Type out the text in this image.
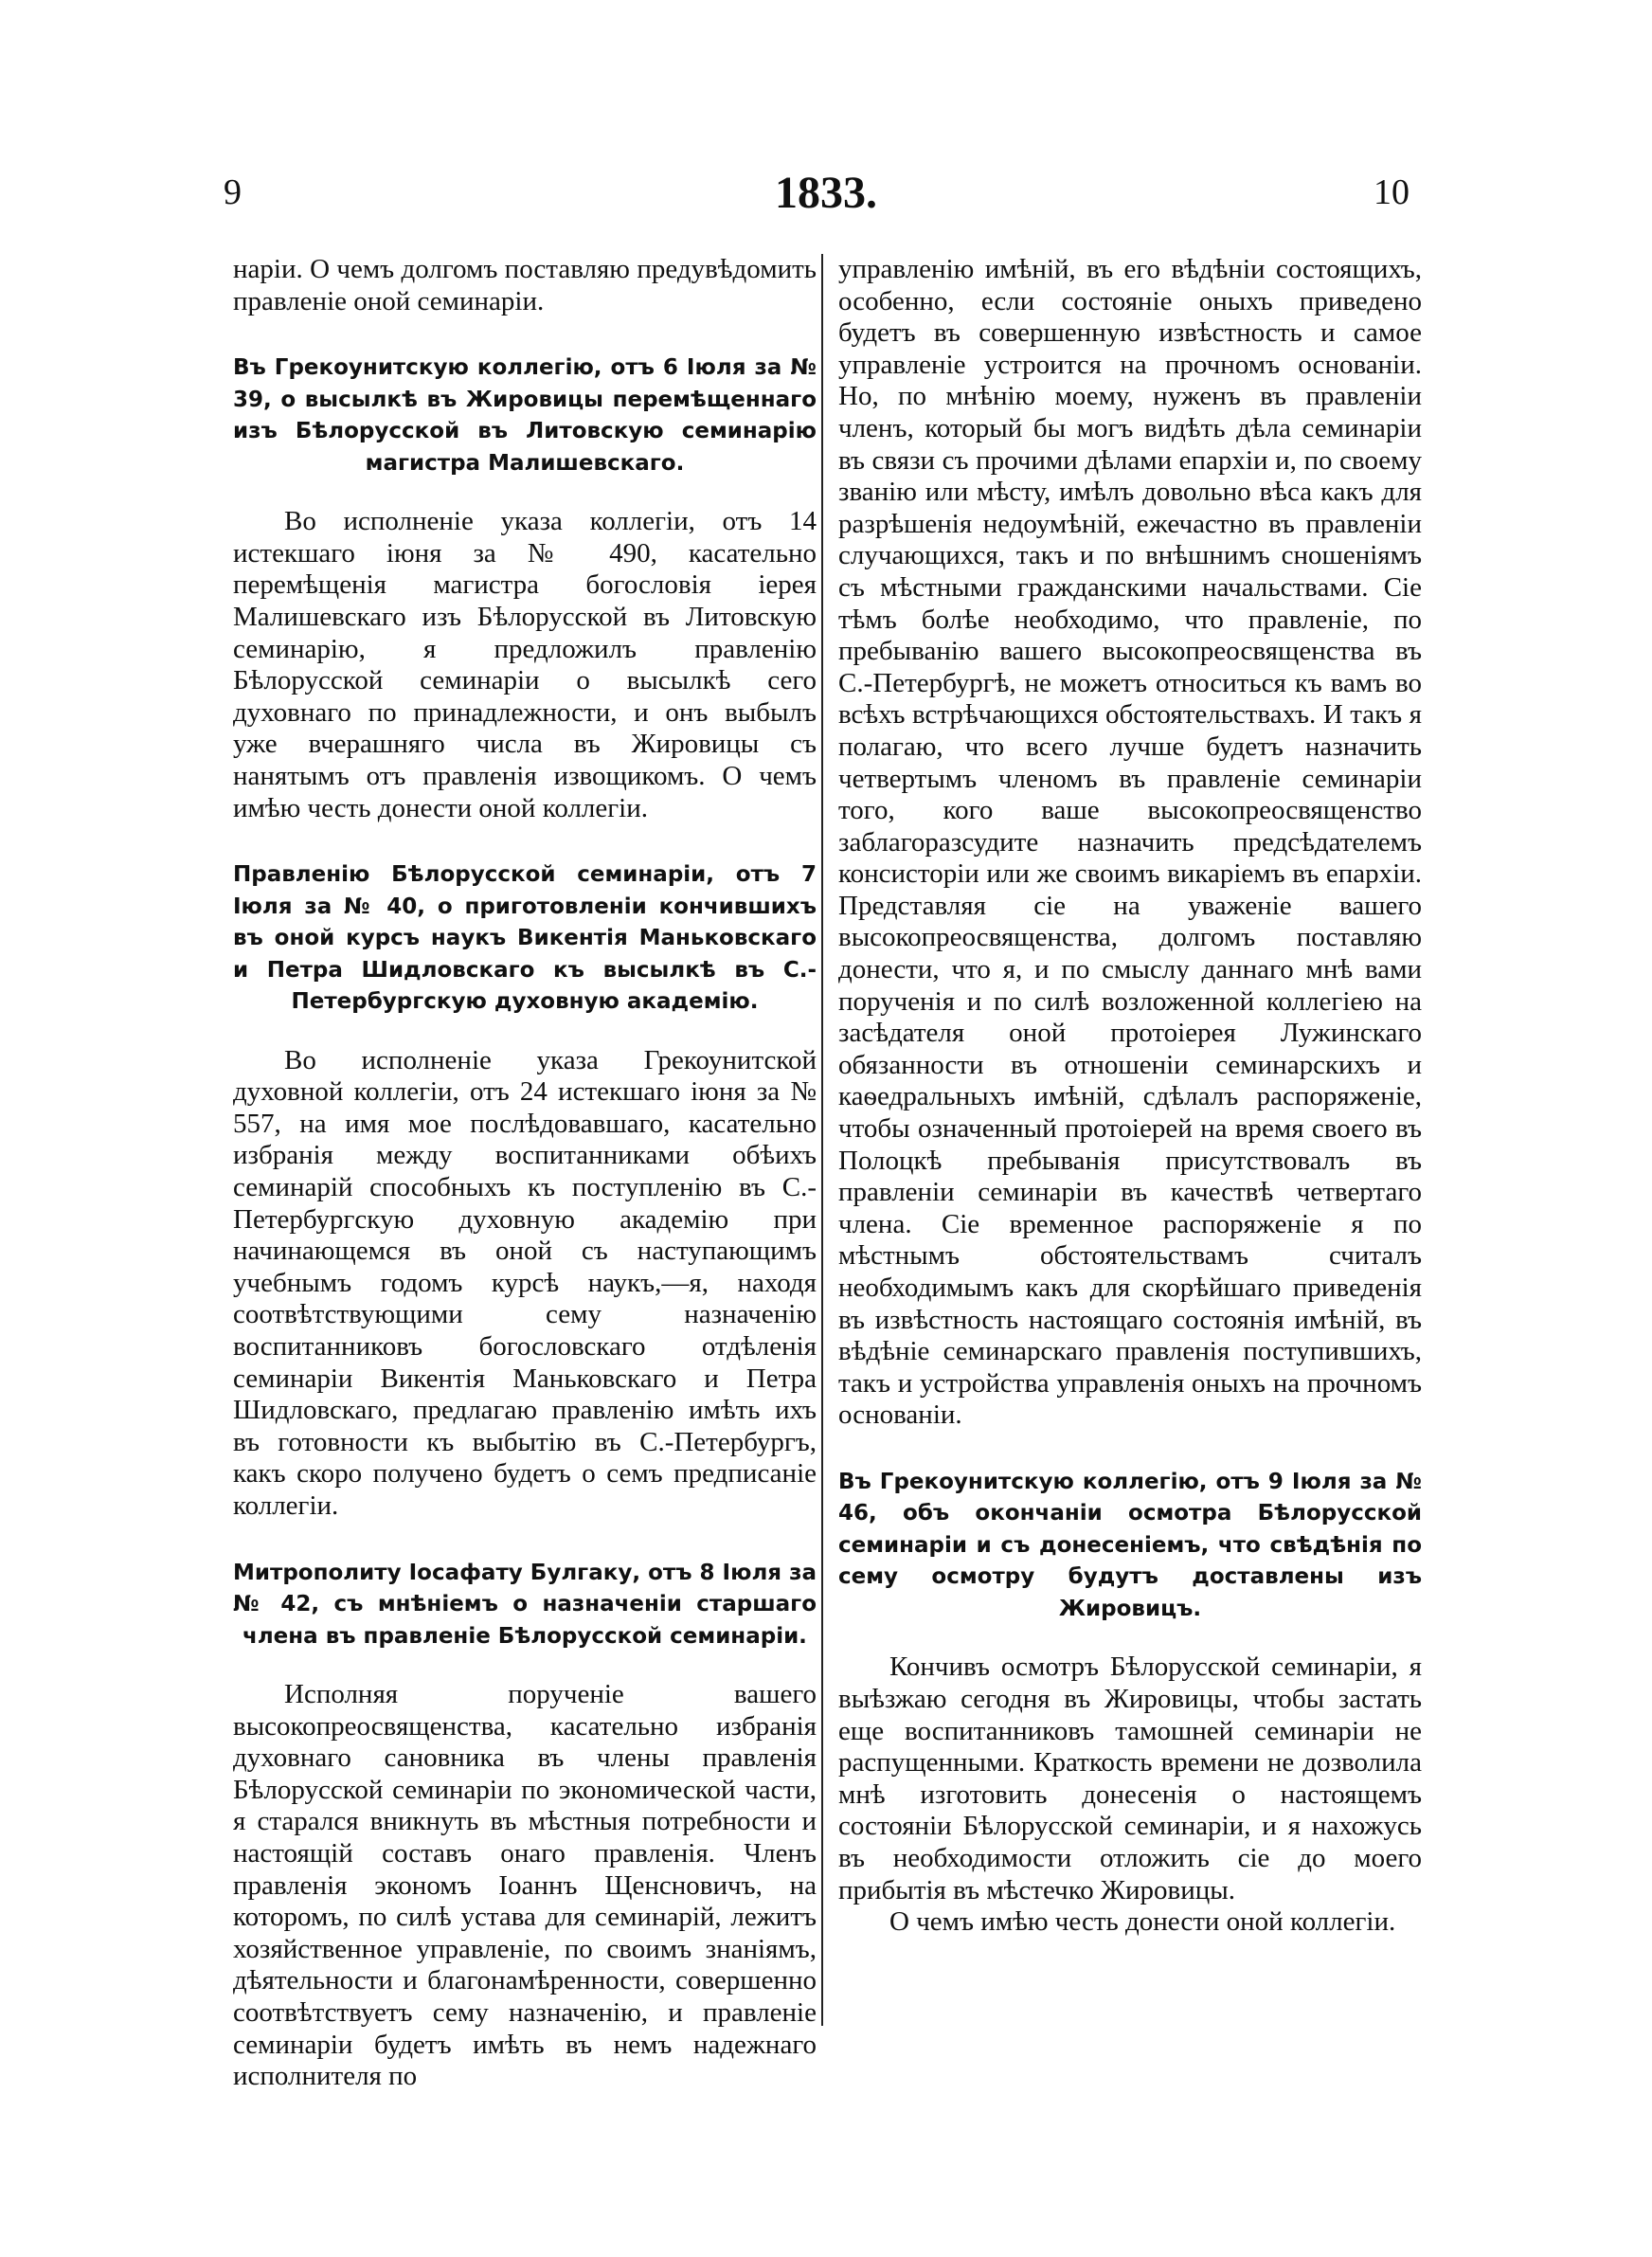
9	1833.	10

наріи. О чемъ долгомъ поставляю предувѣдомить правленіе оной семинаріи.

Въ Грекоунитскую коллегію, отъ 6 Іюля за № 39, о высылкѣ въ Жировицы перемѣщеннаго изъ Бѣлорусской въ Литовскую семинарію магистра Малишевскаго.

Во исполненіе указа коллегіи, отъ 14 истекшаго іюня за № 490, касательно перемѣщенія магистра богословія іерея Малишевскаго изъ Бѣлорусской въ Литовскую семинарію, я предложилъ правленію Бѣлорусской семинаріи о высылкѣ сего духовнаго по принадлежности, и онъ выбылъ уже вчерашняго числа въ Жировицы съ нанятымъ отъ правленія извощикомъ. О чемъ имѣю честь донести оной коллегіи.

Правленію Бѣлорусской семинаріи, отъ 7 Іюля за № 40, о приготовленіи кончившихъ въ оной курсъ наукъ Викентія Маньковскаго и Петра Шидловскаго къ высылкѣ въ С.-Петербургскую духовную академію.

Во исполненіе указа Грекоунитской духовной коллегіи, отъ 24 истекшаго іюня за № 557, на имя мое послѣдовавшаго, касательно избранія между воспитанниками обѣихъ семинарій способныхъ къ поступленію въ С.-Петербургскую духовную академію при начинающемся въ оной съ наступающимъ учебнымъ годомъ курсѣ наукъ,—я, находя соотвѣтствующими сему назначенію воспитанниковъ богословскаго отдѣленія семинаріи Викентія Маньковскаго и Петра Шидловскаго, предлагаю правленію имѣть ихъ въ готовности къ выбытію въ С.-Петербургъ, какъ скоро получено будетъ о семъ предписаніе коллегіи.

Митрополиту Іосафату Булгаку, отъ 8 Іюля за № 42, съ мнѣніемъ о назначеніи старшаго члена въ правленіе Бѣлорусской семинаріи.

Исполняя порученіе вашего высокопреосвященства, касательно избранія духовнаго сановника въ члены правленія Бѣлорусской семинаріи по экономической части, я старался вникнуть въ мѣстныя потребности и настоящій составъ онаго правленія. Членъ правленія экономъ Іоаннъ Щенсновичъ, на которомъ, по силѣ устава для семинарій, лежитъ хозяйственное управленіе, по своимъ знаніямъ, дѣятельности и благонамѣренности, совершенно соотвѣтствуетъ сему назначенію, и правленіе семинаріи будетъ имѣть въ немъ надежнаго исполнителя по

управленію имѣній, въ его вѣдѣніи состоящихъ, особенно, если состояніе оныхъ приведено будетъ въ совершенную извѣстность и самое управленіе устроится на прочномъ основаніи. Но, по мнѣнію моему, нуженъ въ правленіи членъ, который бы могъ видѣть дѣла семинаріи въ связи съ прочими дѣлами епархіи и, по своему званію или мѣсту, имѣлъ довольно вѣса какъ для разрѣшенія недоумѣній, ежечастно въ правленіи случающихся, такъ и по внѣшнимъ сношеніямъ съ мѣстными гражданскими начальствами. Сіе тѣмъ болѣе необходимо, что правленіе, по пребыванію вашего высокопреосвященства въ С.-Петербургѣ, не можетъ относиться къ вамъ во всѣхъ встрѣчающихся обстоятельствахъ. И такъ я полагаю, что всего лучше будетъ назначить четвертымъ членомъ въ правленіе семинаріи того, кого ваше высокопреосвященство заблагоразсудите назначить предсѣдателемъ консисторіи или же своимъ викаріемъ въ епархіи. Представляя сіе на уваженіе вашего высокопреосвященства, долгомъ поставляю донести, что я, и по смыслу даннаго мнѣ вами порученія и по силѣ возложенной коллегіею на засѣдателя оной протоіерея Лужинскаго обязанности въ отношеніи семинарскихъ и каѳедральныхъ имѣній, сдѣлалъ распоряженіе, чтобы означенный протоіерей на время своего въ Полоцкѣ пребыванія присутствовалъ въ правленіи семинаріи въ качествѣ четвертаго члена. Сіе временное распоряженіе я по мѣстнымъ обстоятельствамъ считалъ необходимымъ какъ для скорѣйшаго приведенія въ извѣстность настоящаго состоянія имѣній, въ вѣдѣніе семинарскаго правленія поступившихъ, такъ и устройства управленія оныхъ на прочномъ основаніи.

Въ Грекоунитскую коллегію, отъ 9 Іюля за № 46, объ окончаніи осмотра Бѣлорусской семинаріи и съ донесеніемъ, что свѣдѣнія по сему осмотру будутъ доставлены изъ Жировицъ.

Кончивъ осмотръ Бѣлорусской семинаріи, я выѣзжаю сегодня въ Жировицы, чтобы застать еще воспитанниковъ тамошней семинаріи не распущенными. Краткость времени не дозволила мнѣ изготовить донесенія о настоящемъ состояніи Бѣлорусской семинаріи, и я нахожусь въ необходимости отложить сіе до моего прибытія въ мѣстечко Жировицы.

О чемъ имѣю честь донести оной коллегіи.
